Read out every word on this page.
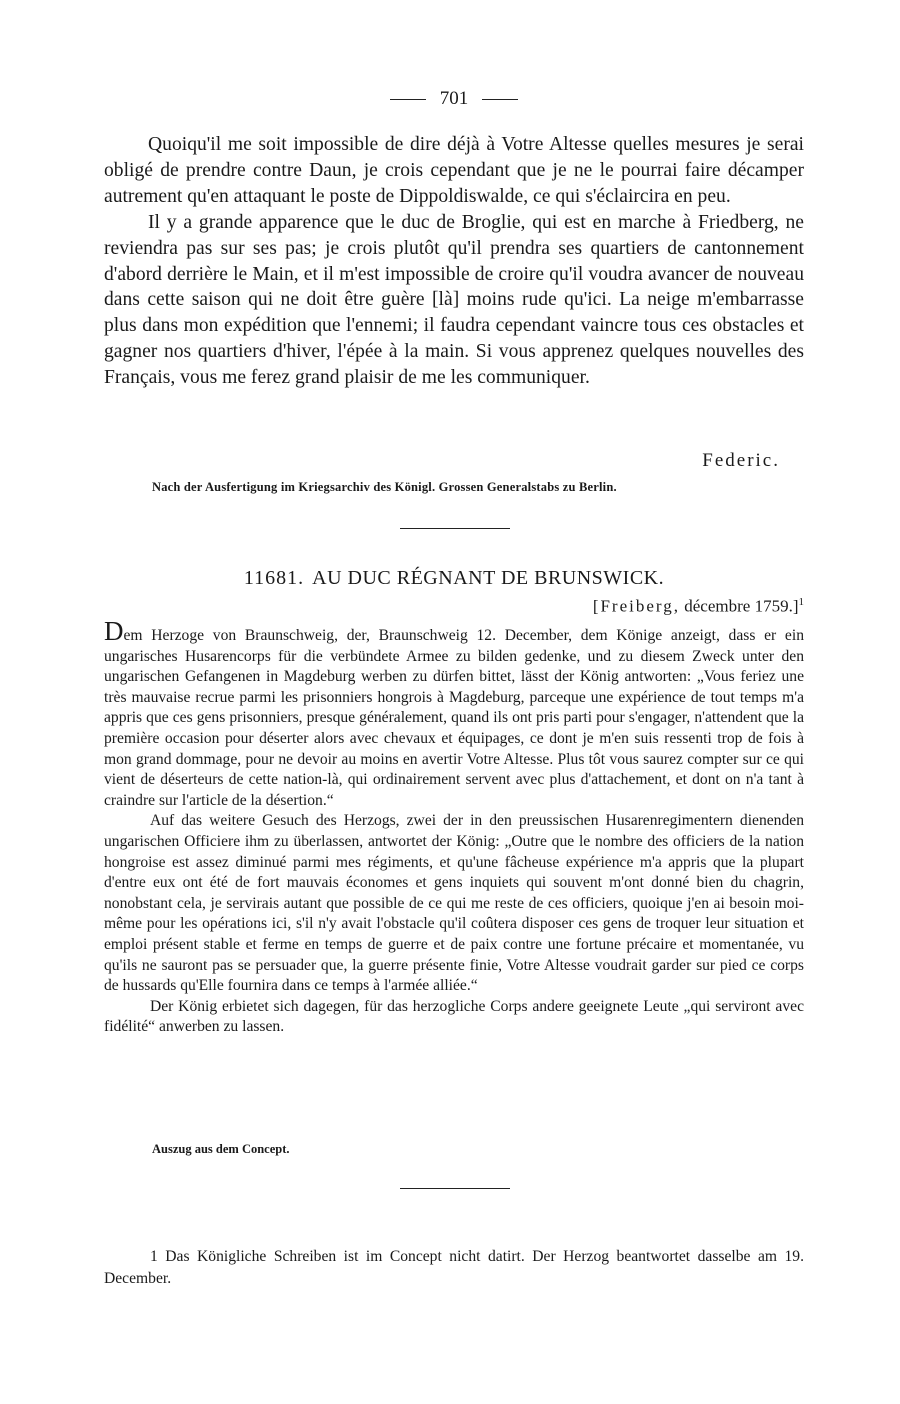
701

Quoiqu'il me soit impossible de dire déjà à Votre Altesse quelles mesures je serai obligé de prendre contre Daun, je crois cependant que je ne le pourrai faire décamper autrement qu'en attaquant le poste de Dippoldiswalde, ce qui s'éclaircira en peu.

Il y a grande apparence que le duc de Broglie, qui est en marche à Friedberg, ne reviendra pas sur ses pas; je crois plutôt qu'il prendra ses quartiers de cantonnement d'abord derrière le Main, et il m'est impossible de croire qu'il voudra avancer de nouveau dans cette saison qui ne doit être guère [là] moins rude qu'ici. La neige m'embarrasse plus dans mon expédition que l'ennemi; il faudra cependant vaincre tous ces obstacles et gagner nos quartiers d'hiver, l'épée à la main. Si vous apprenez quelques nouvelles des Français, vous me ferez grand plaisir de me les communiquer.

Federic.
Nach der Ausfertigung im Kriegsarchiv des Königl. Grossen Generalstabs zu Berlin.
11681. AU DUC RÉGNANT DE BRUNSWICK.
[Freiberg, décembre 1759.]$^1$

Dem Herzoge von Braunschweig, der, Braunschweig 12. December, dem Könige anzeigt, dass er ein ungarisches Husarencorps für die verbündete Armee zu bilden gedenke, und zu diesem Zweck unter den ungarischen Gefangenen in Magdeburg werben zu dürfen bittet, lässt der König antworten: „Vous feriez une très mauvaise recrue parmi les prisonniers hongrois à Magdeburg, parceque une expérience de tout temps m'a appris que ces gens prisonniers, presque généralement, quand ils ont pris parti pour s'engager, n'attendent que la première occasion pour déserter alors avec chevaux et équipages, ce dont je m'en suis ressenti trop de fois à mon grand dommage, pour ne devoir au moins en avertir Votre Altesse. Plus tôt vous saurez compter sur ce qui vient de déserteurs de cette nation-là, qui ordinairement servent avec plus d'attachement, et dont on n'a tant à craindre sur l'article de la désertion.“

Auf das weitere Gesuch des Herzogs, zwei der in den preussischen Husarenregimentern dienenden ungarischen Officiere ihm zu überlassen, antwortet der König: „Outre que le nombre des officiers de la nation hongroise est assez diminué parmi mes régiments, et qu'une fâcheuse expérience m'a appris que la plupart d'entre eux ont été de fort mauvais économes et gens inquiets qui souvent m'ont donné bien du chagrin, nonobstant cela, je servirais autant que possible de ce qui me reste de ces officiers, quoique j'en ai besoin moi-même pour les opérations ici, s'il n'y avait l'obstacle qu'il coûtera disposer ces gens de troquer leur situation et emploi présent stable et ferme en temps de guerre et de paix contre une fortune précaire et momentanée, vu qu'ils ne sauront pas se persuader que, la guerre présente finie, Votre Altesse voudrait garder sur pied ce corps de hussards qu'Elle fournira dans ce temps à l'armée alliée.“

Der König erbietet sich dagegen, für das herzogliche Corps andere geeignete Leute „qui serviront avec fidélité“ anwerben zu lassen.

Auszug aus dem Concept.
1 Das Königliche Schreiben ist im Concept nicht datirt. Der Herzog beantwortet dasselbe am 19. December.
